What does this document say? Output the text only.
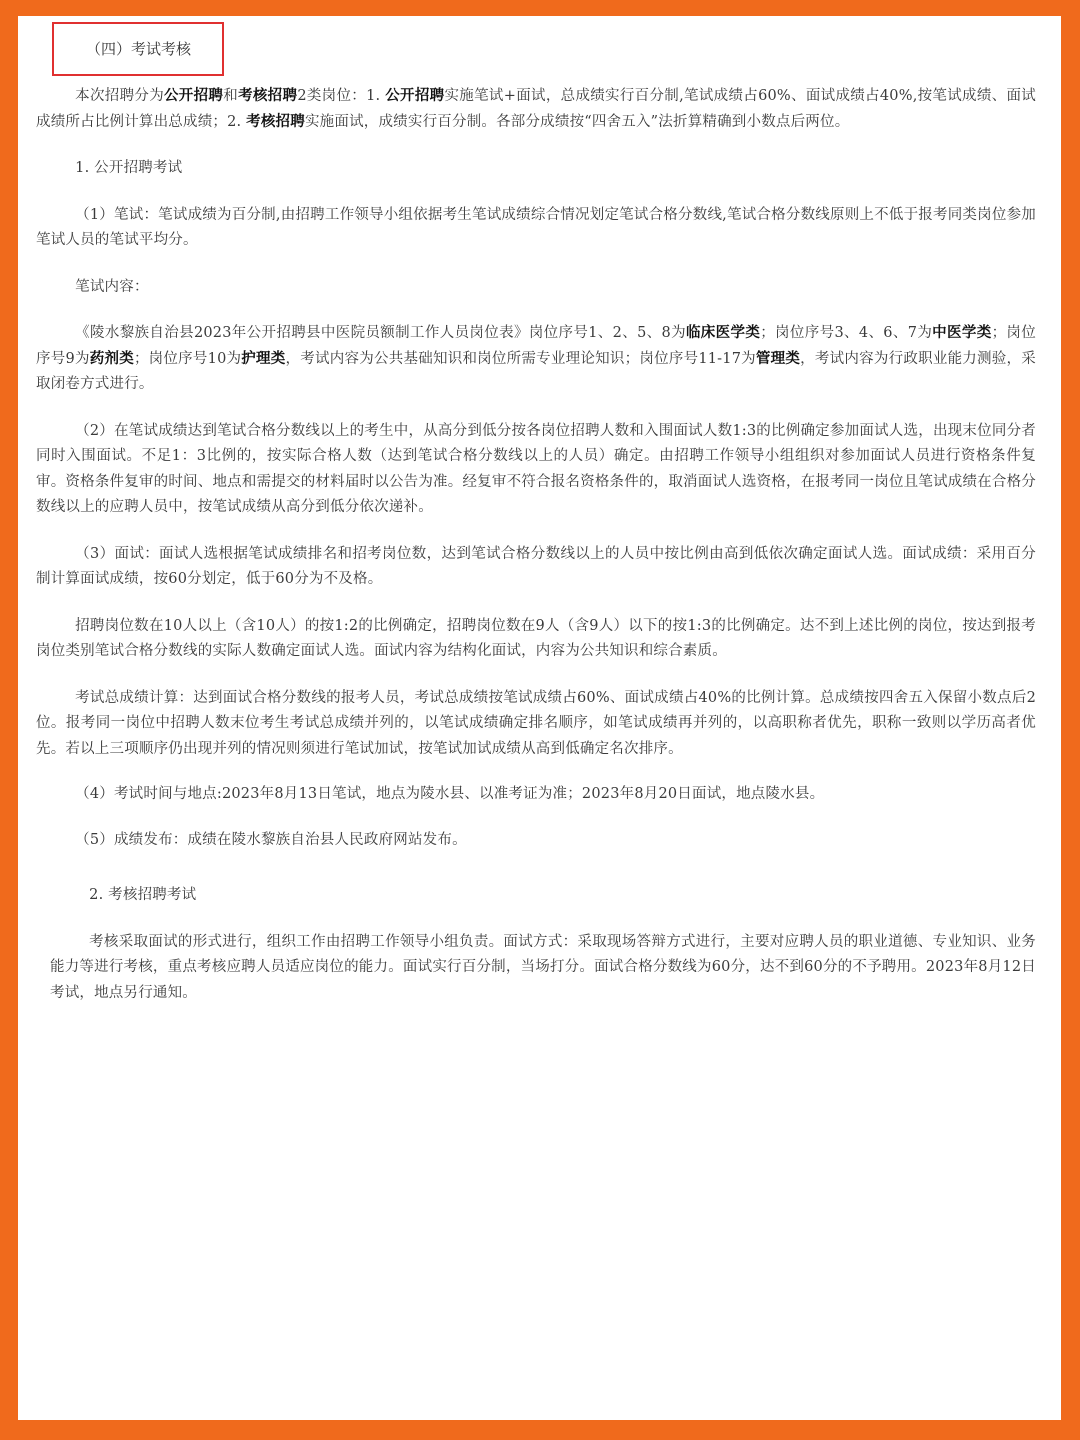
（四）考试考核

本次招聘分为公开招聘和考核招聘2类岗位：1. 公开招聘实施笔试+面试，总成绩实行百分制,笔试成绩占60%、面试成绩占40%,按笔试成绩、面试成绩所占比例计算出总成绩；2. 考核招聘实施面试，成绩实行百分制。各部分成绩按“四舍五入”法折算精确到小数点后两位。

1. 公开招聘考试

（1）笔试：笔试成绩为百分制,由招聘工作领导小组依据考生笔试成绩综合情况划定笔试合格分数线,笔试合格分数线原则上不低于报考同类岗位参加笔试人员的笔试平均分。

笔试内容：

《陵水黎族自治县2023年公开招聘县中医院员额制工作人员岗位表》岗位序号1、2、5、8为临床医学类；岗位序号3、4、6、7为中医学类；岗位序号9为药剂类；岗位序号10为护理类，考试内容为公共基础知识和岗位所需专业理论知识；岗位序号11-17为管理类，考试内容为行政职业能力测验，采取闭卷方式进行。

（2）在笔试成绩达到笔试合格分数线以上的考生中，从高分到低分按各岗位招聘人数和入围面试人数1:3的比例确定参加面试人选，出现末位同分者同时入围面试。不足1：3比例的，按实际合格人数（达到笔试合格分数线以上的人员）确定。由招聘工作领导小组组织对参加面试人员进行资格条件复审。资格条件复审的时间、地点和需提交的材料届时以公告为准。经复审不符合报名资格条件的，取消面试人选资格，在报考同一岗位且笔试成绩在合格分数线以上的应聘人员中，按笔试成绩从高分到低分依次递补。

（3）面试：面试人选根据笔试成绩排名和招考岗位数，达到笔试合格分数线以上的人员中按比例由高到低依次确定面试人选。面试成绩：采用百分制计算面试成绩，按60分划定，低于60分为不及格。

招聘岗位数在10人以上（含10人）的按1:2的比例确定，招聘岗位数在9人（含9人）以下的按1:3的比例确定。达不到上述比例的岗位，按达到报考岗位类别笔试合格分数线的实际人数确定面试人选。面试内容为结构化面试，内容为公共知识和综合素质。

考试总成绩计算：达到面试合格分数线的报考人员，考试总成绩按笔试成绩占60%、面试成绩占40%的比例计算。总成绩按四舍五入保留小数点后2位。报考同一岗位中招聘人数末位考生考试总成绩并列的，以笔试成绩确定排名顺序，如笔试成绩再并列的，以高职称者优先，职称一致则以学历高者优先。若以上三项顺序仍出现并列的情况则须进行笔试加试，按笔试加试成绩从高到低确定名次排序。

（4）考试时间与地点:2023年8月13日笔试，地点为陵水县、以准考证为准；2023年8月20日面试，地点陵水县。

（5）成绩发布：成绩在陵水黎族自治县人民政府网站发布。

2. 考核招聘考试

考核采取面试的形式进行，组织工作由招聘工作领导小组负责。面试方式：采取现场答辩方式进行，主要对应聘人员的职业道德、专业知识、业务能力等进行考核，重点考核应聘人员适应岗位的能力。面试实行百分制，当场打分。面试合格分数线为60分，达不到60分的不予聘用。2023年8月12日考试，地点另行通知。
